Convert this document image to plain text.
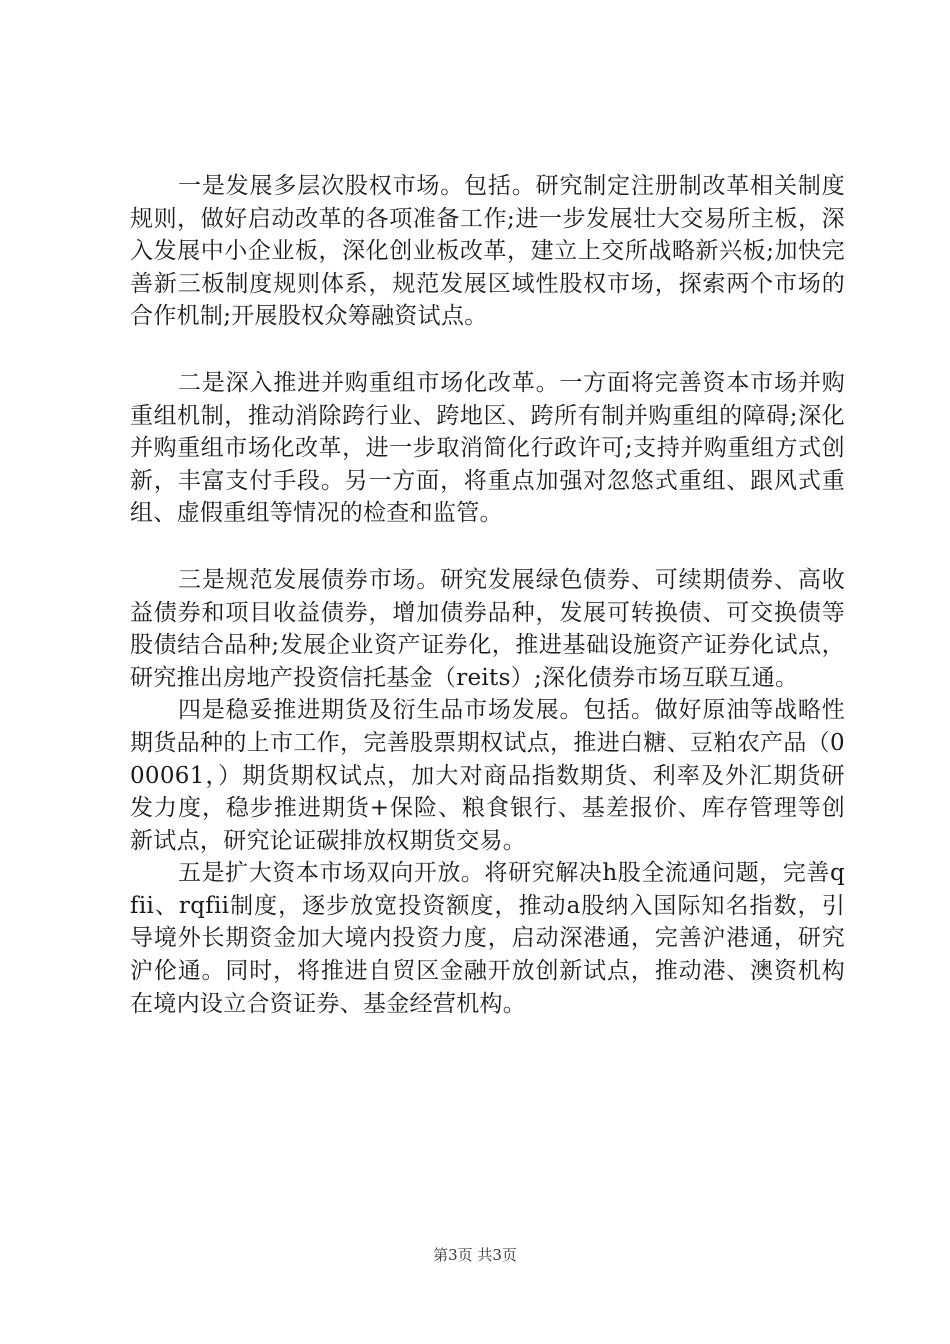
一是发展多层次股权市场。包括。研究制定注册制改革相关制度规则，做好启动改革的各项准备工作;进一步发展壮大交易所主板，深入发展中小企业板，深化创业板改革，建立上交所战略新兴板;加快完善新三板制度规则体系，规范发展区域性股权市场，探索两个市场的合作机制;开展股权众筹融资试点。

二是深入推进并购重组市场化改革。一方面将完善资本市场并购重组机制，推动消除跨行业、跨地区、跨所有制并购重组的障碍;深化并购重组市场化改革，进一步取消简化行政许可;支持并购重组方式创新，丰富支付手段。另一方面，将重点加强对忽悠式重组、跟风式重组、虚假重组等情况的检查和监管。

三是规范发展债券市场。研究发展绿色债券、可续期债券、高收益债券和项目收益债券，增加债券品种，发展可转换债、可交换债等股债结合品种;发展企业资产证券化，推进基础设施资产证券化试点，研究推出房地产投资信托基金（reits）;深化债券市场互联互通。

四是稳妥推进期货及衍生品市场发展。包括。做好原油等战略性期货品种的上市工作，完善股票期权试点，推进白糖、豆粕农产品（000061，）期货期权试点，加大对商品指数期货、利率及外汇期货研发力度，稳步推进期货+保险、粮食银行、基差报价、库存管理等创新试点，研究论证碳排放权期货交易。

五是扩大资本市场双向开放。将研究解决h股全流通问题，完善qfii、rqfii制度，逐步放宽投资额度，推动a股纳入国际知名指数，引导境外长期资金加大境内投资力度，启动深港通，完善沪港通，研究沪伦通。同时，将推进自贸区金融开放创新试点，推动港、澳资机构在境内设立合资证券、基金经营机构。

第3页 共3页
